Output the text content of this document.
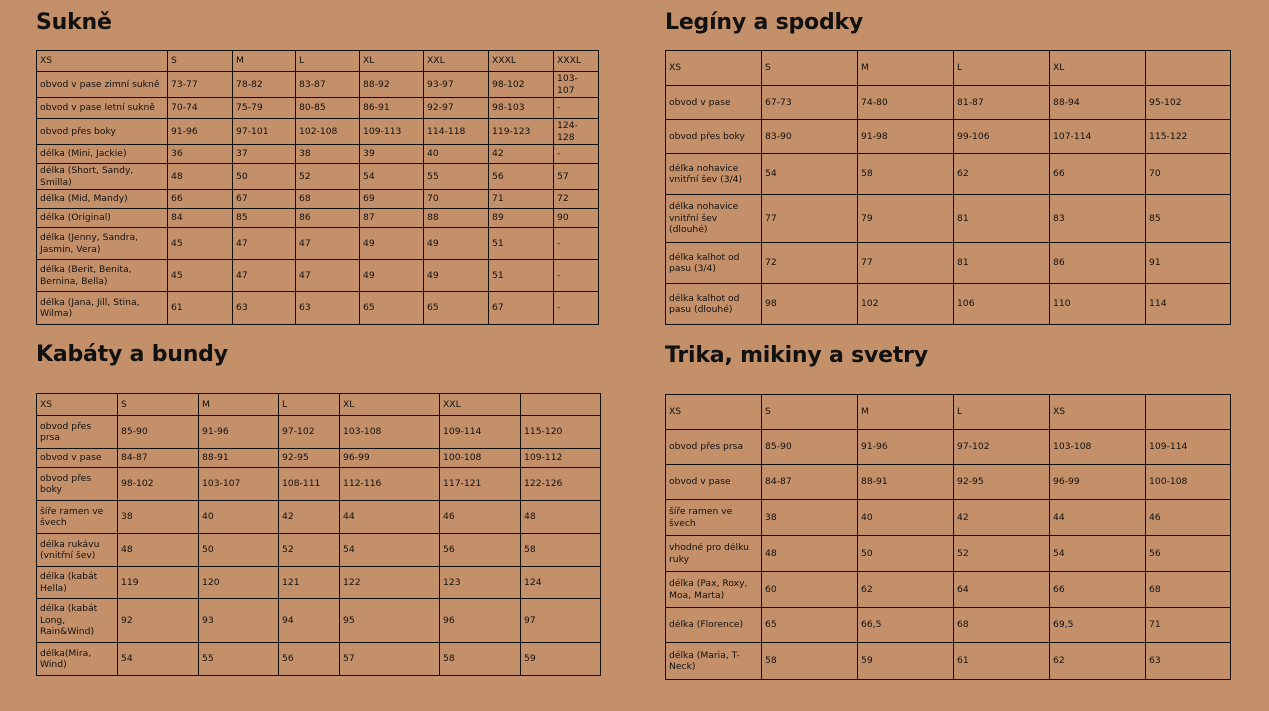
Sukně
XS	S	M	L	XL	XXL	XXXL	XXXL
obvod v pase zimní sukně	73-77	78-82	83-87	88-92	93-97	98-102	103-107
obvod v pase letní sukně	70-74	75-79	80-85	86-91	92-97	98-103	-
obvod přes boky	91-96	97-101	102-108	109-113	114-118	119-123	124-128
délka (Mini, Jackie)	36	37	38	39	40	42	-
délka (Short, Sandy, Smilla)	48	50	52	54	55	56	57
délka (Mid, Mandy)	66	67	68	69	70	71	72
délka (Original)	84	85	86	87	88	89	90
délka (Jenny, Sandra, Jasmin, Vera)	45	47	47	49	49	51	-
délka (Berit, Benita, Bernina, Bella)	45	47	47	49	49	51	-
délka (Jana, Jill, Stina, Wilma)	61	63	63	65	65	67	-
Legíny a spodky
XS	S	M	L	XL	
obvod v pase	67-73	74-80	81-87	88-94	95-102
obvod přes boky	83-90	91-98	99-106	107-114	115-122
délka nohavice vnitřní šev (3/4)	54	58	62	66	70
délka nohavice vnitřní šev (dlouhé)	77	79	81	83	85
délka kalhot od pasu (3/4)	72	77	81	86	91
délka kalhot od pasu (dlouhé)	98	102	106	110	114
Kabáty a bundy
XS	S	M	L	XL	XXL	
obvod přes prsa	85-90	91-96	97-102	103-108	109-114	115-120
obvod v pase	84-87	88-91	92-95	96-99	100-108	109-112
obvod přes boky	98-102	103-107	108-111	112-116	117-121	122-126
šíře ramen ve švech	38	40	42	44	46	48
délka rukávu (vnitřní šev)	48	50	52	54	56	58
délka (kabát Hella)	119	120	121	122	123	124
délka (kabát Long, Rain&Wind)	92	93	94	95	96	97
délka(Mira, Wind)	54	55	56	57	58	59
Trika, mikiny a svetry
XS	S	M	L	XS	
obvod přes prsa	85-90	91-96	97-102	103-108	109-114
obvod v pase	84-87	88-91	92-95	96-99	100-108
šíře ramen ve švech	38	40	42	44	46
vhodné pro délku ruky	48	50	52	54	56
délka (Pax, Roxy, Moa, Marta)	60	62	64	66	68
délka (Florence)	65	66,5	68	69,5	71
délka (Maria, T-Neck)	58	59	61	62	63
